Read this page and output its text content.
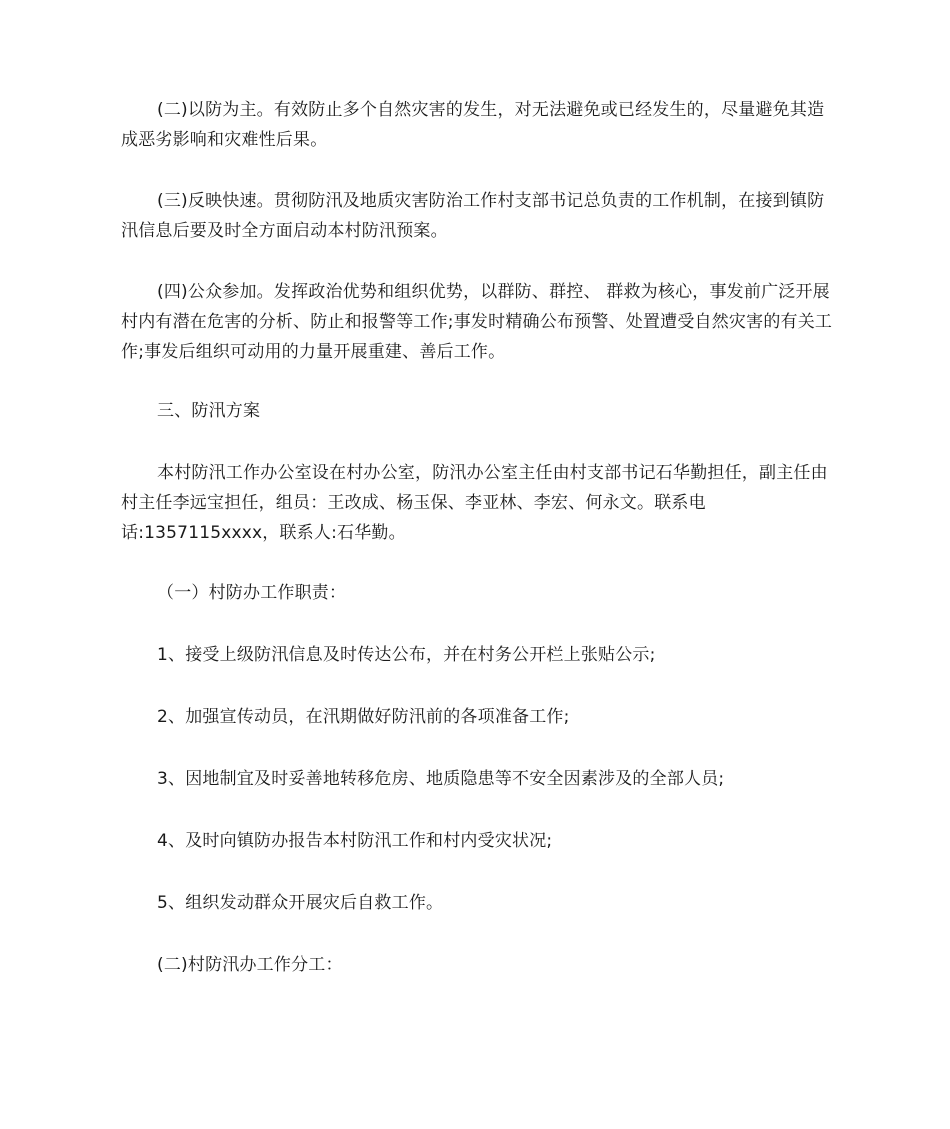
(二)以防为主。有效防止多个自然灾害的发生，对无法避免或已经发生的，尽量避免其造成恶劣影响和灾难性后果。

(三)反映快速。贯彻防汛及地质灾害防治工作村支部书记总负责的工作机制，在接到镇防汛信息后要及时全方面启动本村防汛预案。

(四)公众参加。发挥政治优势和组织优势，以群防、群控、 群救为核心，事发前广泛开展村内有潜在危害的分析、防止和报警等工作;事发时精确公布预警、处置遭受自然灾害的有关工作;事发后组织可动用的力量开展重建、善后工作。

三、防汛方案

本村防汛工作办公室设在村办公室，防汛办公室主任由村支部书记石华勤担任，副主任由村主任李远宝担任，组员：王改成、杨玉保、李亚林、李宏、何永文。联系电话:1357115xxxx，联系人:石华勤。

（一）村防办工作职责：

1、接受上级防汛信息及时传达公布，并在村务公开栏上张贴公示;

2、加强宣传动员，在汛期做好防汛前的各项准备工作;

3、因地制宜及时妥善地转移危房、地质隐患等不安全因素涉及的全部人员;

4、及时向镇防办报告本村防汛工作和村内受灾状况;

5、组织发动群众开展灾后自救工作。

(二)村防汛办工作分工：
